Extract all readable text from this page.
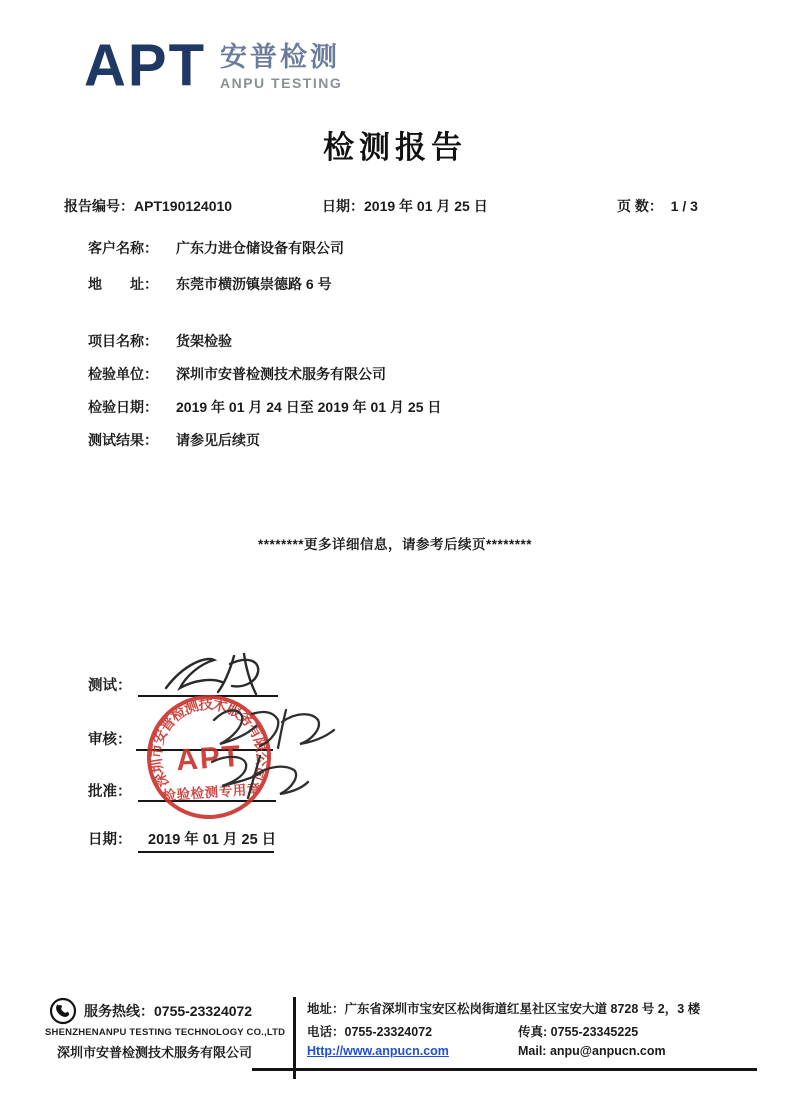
APT 安普检测
ANPU TESTING
检测报告
报告编号：APT190124010	日期：2019 年 01 月 25 日	页 数： 1 / 3
客户名称： 广东力进仓储设备有限公司
地　　址： 东莞市横沥镇崇德路 6 号
项目名称： 货架检验
检验单位： 深圳市安普检测技术服务有限公司
检验日期： 2019 年 01 月 24 日至 2019 年 01 月 25 日
测试结果： 请参见后续页
********更多详细信息，请参考后续页********
测试：
审核：
批准：
日期： 2019 年 01 月 25 日
深圳市安普检测技术服务有限公司
APT
检验检测专用章
服务热线：0755-23324072
SHENZHENANPU TESTING TECHNOLOGY CO.,LTD
深圳市安普检测技术服务有限公司
地址：广东省深圳市宝安区松岗街道红星社区宝安大道 8728 号 2，3 楼
电话：0755-23324072	传真: 0755-23345225
Http://www.anpucn.com	Mail: anpu@anpucn.com
